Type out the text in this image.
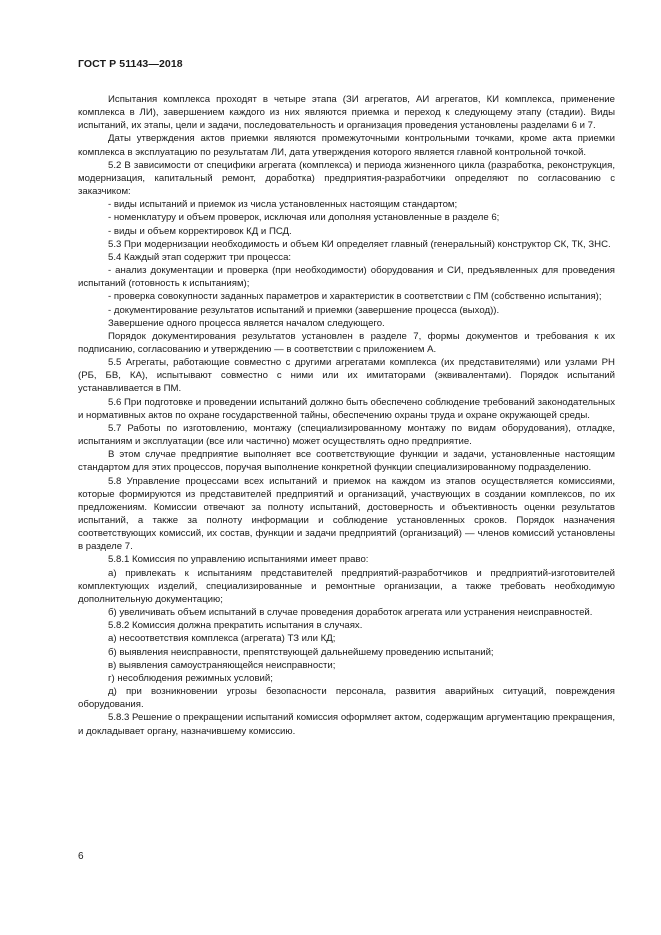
ГОСТ Р 51143—2018

Испытания комплекса проходят в четыре этапа (ЗИ агрегатов, АИ агрегатов, КИ комплекса, применение комплекса в ЛИ), завершением каждого из них являются приемка и переход к следующему этапу (стадии). Виды испытаний, их этапы, цели и задачи, последовательность и организация проведения установлены разделами 6 и 7.

Даты утверждения актов приемки являются промежуточными контрольными точками, кроме акта приемки комплекса в эксплуатацию по результатам ЛИ, дата утверждения которого является главной контрольной точкой.

5.2 В зависимости от специфики агрегата (комплекса) и периода жизненного цикла (разработка, реконструкция, модернизация, капитальный ремонт, доработка) предприятия-разработчики определяют по согласованию с заказчиком:

- виды испытаний и приемок из числа установленных настоящим стандартом;

- номенклатуру и объем проверок, исключая или дополняя установленные в разделе 6;

- виды и объем корректировок КД и ПСД.

5.3 При модернизации необходимость и объем КИ определяет главный (генеральный) конструктор СК, ТК, ЗНС.

5.4 Каждый этап содержит три процесса:

- анализ документации и проверка (при необходимости) оборудования и СИ, предъявленных для проведения испытаний (готовность к испытаниям);

- проверка совокупности заданных параметров и характеристик в соответствии с ПМ (собственно испытания);

- документирование результатов испытаний и приемки (завершение процесса (выход)).

Завершение одного процесса является началом следующего.

Порядок документирования результатов установлен в разделе 7, формы документов и требования к их подписанию, согласованию и утверждению — в соответствии с приложением А.

5.5 Агрегаты, работающие совместно с другими агрегатами комплекса (их представителями) или узлами РН (РБ, БВ, КА), испытывают совместно с ними или их имитаторами (эквивалентами). Порядок испытаний устанавливается в ПМ.

5.6 При подготовке и проведении испытаний должно быть обеспечено соблюдение требований законодательных и нормативных актов по охране государственной тайны, обеспечению охраны труда и охране окружающей среды.

5.7 Работы по изготовлению, монтажу (специализированному монтажу по видам оборудования), отладке, испытаниям и эксплуатации (все или частично) может осуществлять одно предприятие.

В этом случае предприятие выполняет все соответствующие функции и задачи, установленные настоящим стандартом для этих процессов, поручая выполнение конкретной функции специализированному подразделению.

5.8 Управление процессами всех испытаний и приемок на каждом из этапов осуществляется комиссиями, которые формируются из представителей предприятий и организаций, участвующих в создании комплексов, по их предложениям. Комиссии отвечают за полноту испытаний, достоверность и объективность оценки результатов испытаний, а также за полноту информации и соблюдение установленных сроков. Порядок назначения соответствующих комиссий, их состав, функции и задачи предприятий (организаций) — членов комиссий установлены в разделе 7.

5.8.1 Комиссия по управлению испытаниями имеет право:

а) привлекать к испытаниям представителей предприятий-разработчиков и предприятий-изготовителей комплектующих изделий, специализированные и ремонтные организации, а также требовать необходимую дополнительную документацию;

б) увеличивать объем испытаний в случае проведения доработок агрегата или устранения неисправностей.

5.8.2 Комиссия должна прекратить испытания в случаях.

а) несоответствия комплекса (агрегата) ТЗ или КД;

б) выявления неисправности, препятствующей дальнейшему проведению испытаний;

в) выявления самоустраняющейся неисправности;

г) несоблюдения режимных условий;

д) при возникновении угрозы безопасности персонала, развития аварийных ситуаций, повреждения оборудования.

5.8.3 Решение о прекращении испытаний комиссия оформляет актом, содержащим аргументацию прекращения, и докладывает органу, назначившему комиссию.

6
